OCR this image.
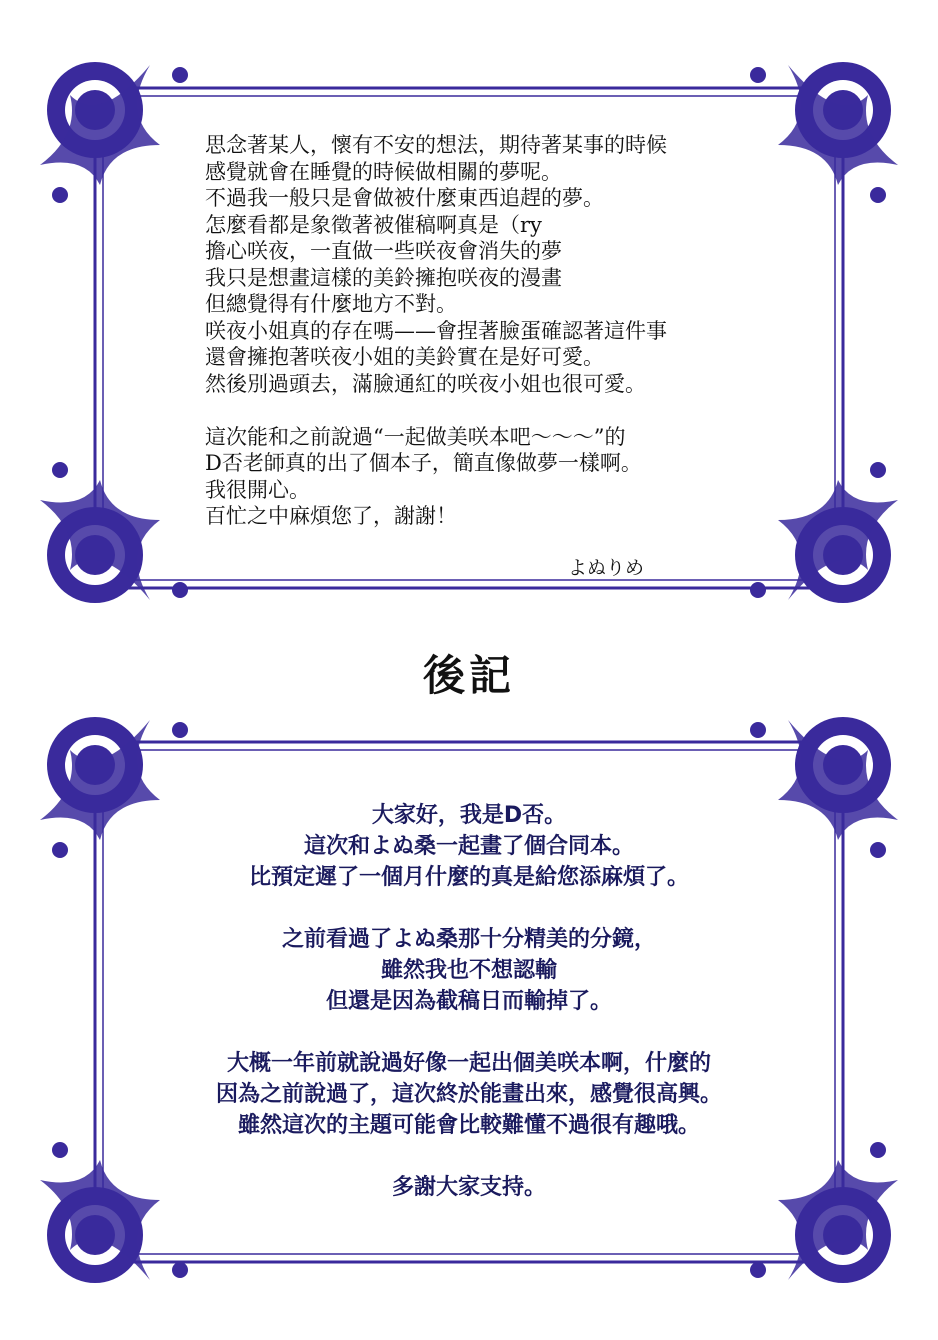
思念著某人，懷有不安的想法，期待著某事的時候
感覺就會在睡覺的時候做相關的夢呢。
不過我一般只是會做被什麼東西追趕的夢。
怎麼看都是象徵著被催稿啊真是（ry
擔心咲夜，一直做一些咲夜會消失的夢
我只是想畫這樣的美鈴擁抱咲夜的漫畫
但總覺得有什麼地方不對。
咲夜小姐真的存在嗎——會捏著臉蛋確認著這件事
還會擁抱著咲夜小姐的美鈴實在是好可愛。
然後別過頭去，滿臉通紅的咲夜小姐也很可愛。
這次能和之前說過“一起做美咲本吧～～～”的
D否老師真的出了個本子，簡直像做夢一樣啊。
我很開心。
百忙之中麻煩您了，謝謝！
よぬりめ
後記
大家好，我是D否。
這次和よぬ桑一起畫了個合同本。
比預定遲了一個月什麼的真是給您添麻煩了。
之前看過了よぬ桑那十分精美的分鏡，
雖然我也不想認輸
但還是因為截稿日而輸掉了。
大概一年前就說過好像一起出個美咲本啊，什麼的
因為之前說過了，這次終於能畫出來，感覺很高興。
雖然這次的主題可能會比較難懂不過很有趣哦。
多謝大家支持。
